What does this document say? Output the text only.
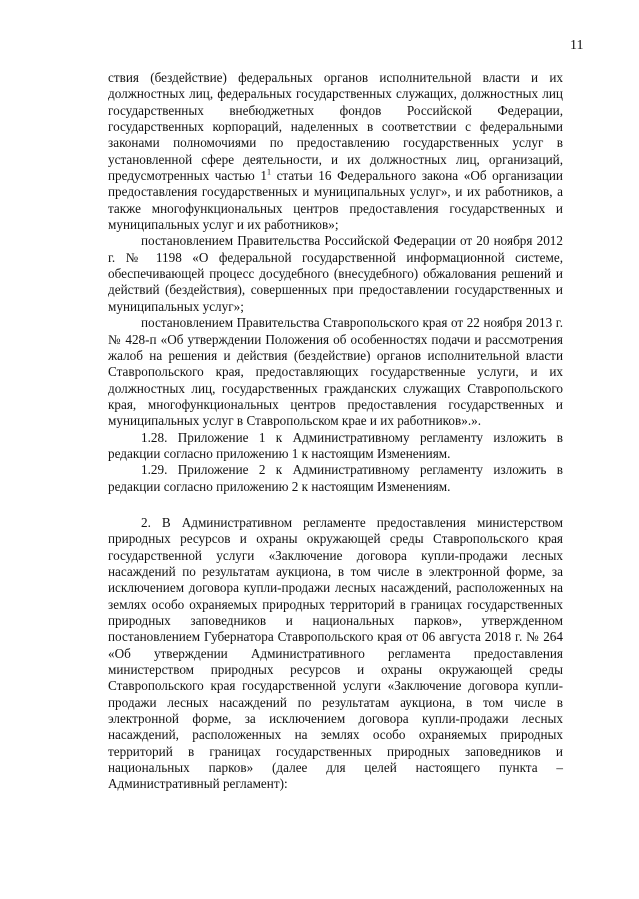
11

ствия (бездействие) федеральных органов исполнительной власти и их должностных лиц, федеральных государственных служащих, должностных лиц государственных внебюджетных фондов Российской Федерации, государственных корпораций, наделенных в соответствии с федеральными законами полномочиями по предоставлению государственных услуг в установленной сфере деятельности, и их должностных лиц, организаций, предусмотренных частью $1^1$ статьи 16 Федерального закона «Об организации предоставления государственных и муниципальных услуг», и их работников, а также многофункциональных центров предоставления государственных и муниципальных услуг и их работников»;

постановлением Правительства Российской Федерации от 20 ноября 2012 г. № 1198 «О федеральной государственной информационной системе, обеспечивающей процесс досудебного (внесудебного) обжалования решений и действий (бездействия), совершенных при предоставлении государственных и муниципальных услуг»;

постановлением Правительства Ставропольского края от 22 ноября 2013 г. № 428-п «Об утверждении Положения об особенностях подачи и рассмотрения жалоб на решения и действия (бездействие) органов исполнительной власти Ставропольского края, предоставляющих государственные услуги, и их должностных лиц, государственных гражданских служащих Ставропольского края, многофункциональных центров предоставления государственных и муниципальных услуг в Ставропольском крае и их работников».».

1.28. Приложение 1 к Административному регламенту изложить в редакции согласно приложению 1 к настоящим Изменениям.

1.29. Приложение 2 к Административному регламенту изложить в редакции согласно приложению 2 к настоящим Изменениям.

2. В Административном регламенте предоставления министерством природных ресурсов и охраны окружающей среды Ставропольского края государственной услуги «Заключение договора купли-продажи лесных насаждений по результатам аукциона, в том числе в электронной форме, за исключением договора купли-продажи лесных насаждений, расположенных на землях особо охраняемых природных территорий в границах государственных природных заповедников и национальных парков», утвержденном постановлением Губернатора Ставропольского края от 06 августа 2018 г. № 264 «Об утверждении Административного регламента предоставления министерством природных ресурсов и охраны окружающей среды Ставропольского края государственной услуги «Заключение договора купли-продажи лесных насаждений по результатам аукциона, в том числе в электронной форме, за исключением договора купли-продажи лесных насаждений, расположенных на землях особо охраняемых природных территорий в границах государственных природных заповедников и национальных парков» (далее для целей настоящего пункта – Административный регламент):
